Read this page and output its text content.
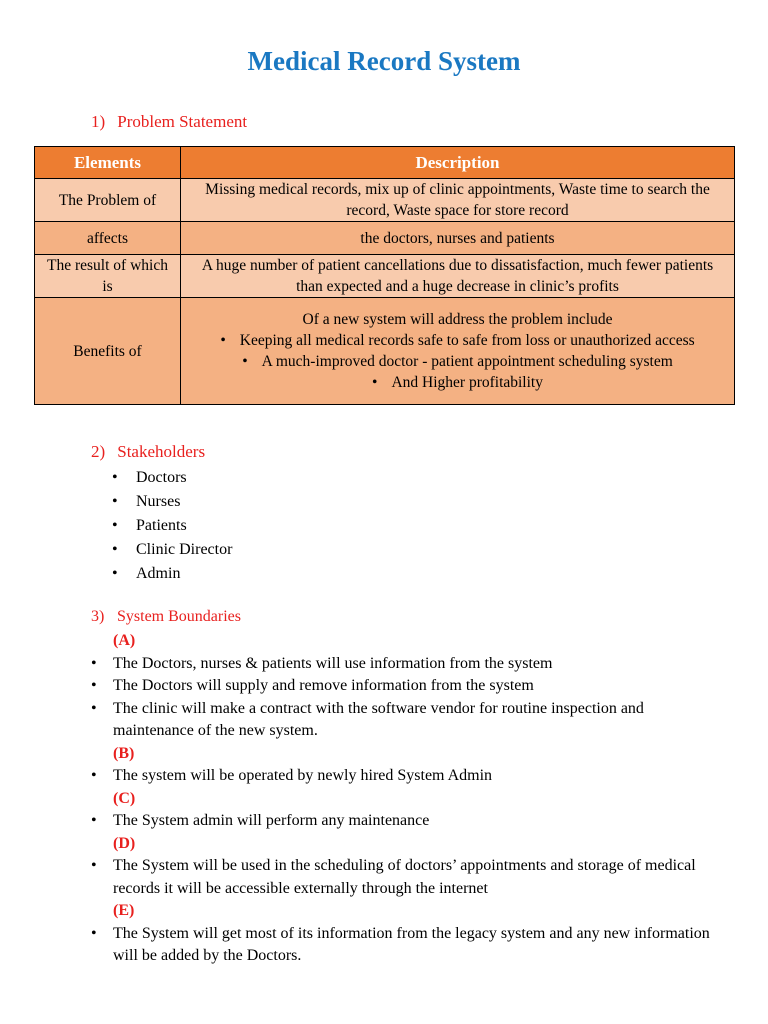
Medical Record System
1) Problem Statement
Elements	Description
The Problem of	Missing medical records, mix up of clinic appointments, Waste time to search the record, Waste space for store record
affects	the doctors, nurses and patients
The result of which is	A huge number of patient cancellations due to dissatisfaction, much fewer patients than expected and a huge decrease in clinic’s profits
Benefits of	Of a new system will address the problem include
• Keeping all medical records safe to safe from loss or unauthorized access
• A much-improved doctor - patient appointment scheduling system
• And Higher profitability
2) Stakeholders
• Doctors
• Nurses
• Patients
• Clinic Director
• Admin
3) System Boundaries
(A)
• The Doctors, nurses & patients will use information from the system
• The Doctors will supply and remove information from the system
• The clinic will make a contract with the software vendor for routine inspection and maintenance of the new system.
(B)
• The system will be operated by newly hired System Admin
(C)
• The System admin will perform any maintenance
(D)
• The System will be used in the scheduling of doctors’ appointments and storage of medical records it will be accessible externally through the internet
(E)
• The System will get most of its information from the legacy system and any new information will be added by the Doctors.
